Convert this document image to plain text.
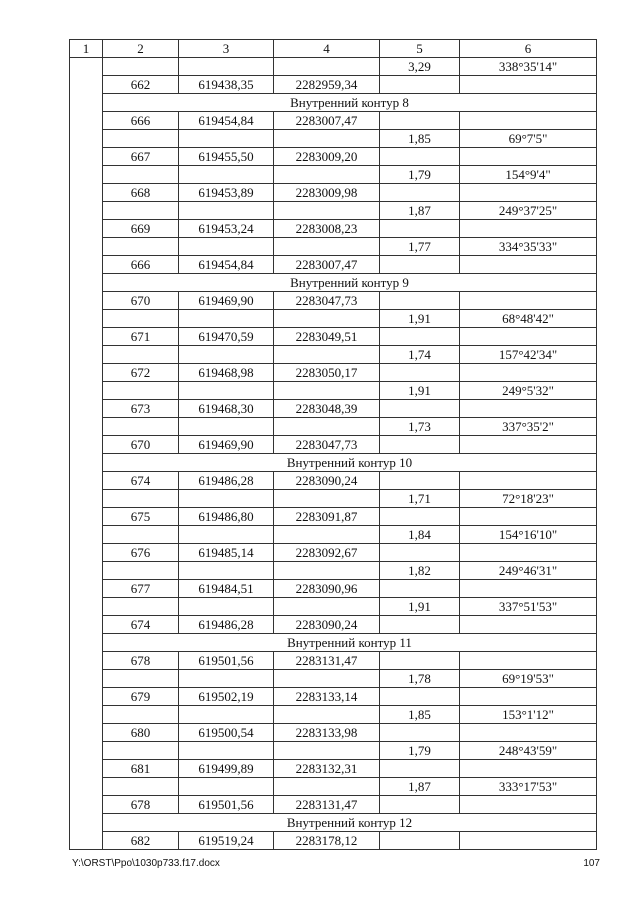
1	2	3	4	5	6
				3,29	338°35'14"
	662	619438,35	2282959,34		
	Внутренний контур 8				
	666	619454,84	2283007,47		
				1,85	69°7'5"
	667	619455,50	2283009,20		
				1,79	154°9'4"
	668	619453,89	2283009,98		
				1,87	249°37'25"
	669	619453,24	2283008,23		
				1,77	334°35'33"
	666	619454,84	2283007,47		
	Внутренний контур 9				
	670	619469,90	2283047,73		
				1,91	68°48'42"
	671	619470,59	2283049,51		
				1,74	157°42'34"
	672	619468,98	2283050,17		
				1,91	249°5'32"
	673	619468,30	2283048,39		
				1,73	337°35'2"
	670	619469,90	2283047,73		
	Внутренний контур 10				
	674	619486,28	2283090,24		
				1,71	72°18'23"
	675	619486,80	2283091,87		
				1,84	154°16'10"
	676	619485,14	2283092,67		
				1,82	249°46'31"
	677	619484,51	2283090,96		
				1,91	337°51'53"
	674	619486,28	2283090,24		
	Внутренний контур 11				
	678	619501,56	2283131,47		
				1,78	69°19'53"
	679	619502,19	2283133,14		
				1,85	153°1'12"
	680	619500,54	2283133,98		
				1,79	248°43'59"
	681	619499,89	2283132,31		
				1,87	333°17'53"
	678	619501,56	2283131,47		
	Внутренний контур 12				
	682	619519,24	2283178,12		
Y:\ORST\Ppo\1030p733.f17.docx	107
